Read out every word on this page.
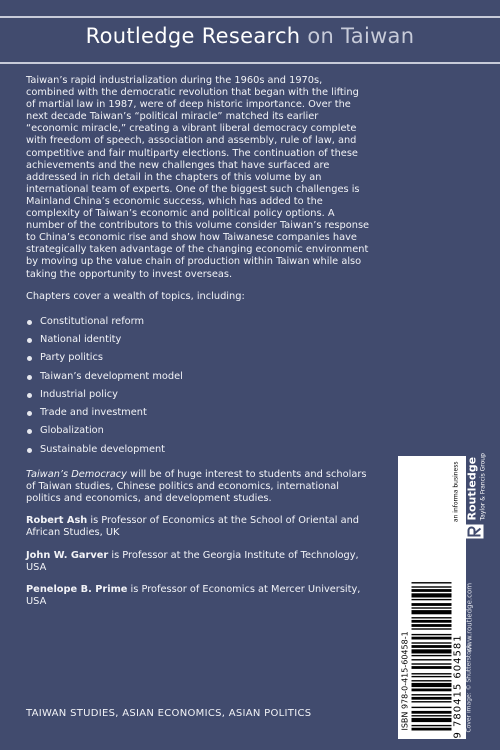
Routledge Research on Taiwan

Taiwan’s rapid industrialization during the 1960s and 1970s, combined with the democratic revolution that began with the lifting of martial law in 1987, were of deep historic importance. Over the next decade Taiwan’s “political miracle” matched its earlier “economic miracle,” creating a vibrant liberal democracy complete with freedom of speech, association and assembly, rule of law, and competitive and fair multiparty elections. The continuation of these achievements and the new challenges that have surfaced are addressed in rich detail in the chapters of this volume by an international team of experts. One of the biggest such challenges is Mainland China’s economic success, which has added to the complexity of Taiwan’s economic and political policy options. A number of the contributors to this volume consider Taiwan’s response to China’s economic rise and show how Taiwanese companies have strategically taken advantage of the changing economic environment by moving up the value chain of production within Taiwan while also taking the opportunity to invest overseas.

Chapters cover a wealth of topics, including:

Constitutional reform
National identity
Party politics
Taiwan’s development model
Industrial policy
Trade and investment
Globalization
Sustainable development

Taiwan’s Democracy will be of huge interest to students and scholars of Taiwan studies, Chinese politics and economics, international politics and economics, and development studies.

Robert Ash is Professor of Economics at the School of Oriental and African Studies, UK

John W. Garver is Professor at the Georgia Institute of Technology, USA

Penelope B. Prime is Professor of Economics at Mercer University, USA

TAIWAN STUDIES, ASIAN ECONOMICS, ASIAN POLITICS	ISBN 978-0-415-60458-1	9 780415 604581
an informa business
Cover image: © Shutterstock
www.routledge.com
Routledge Taylor & Francis Group
